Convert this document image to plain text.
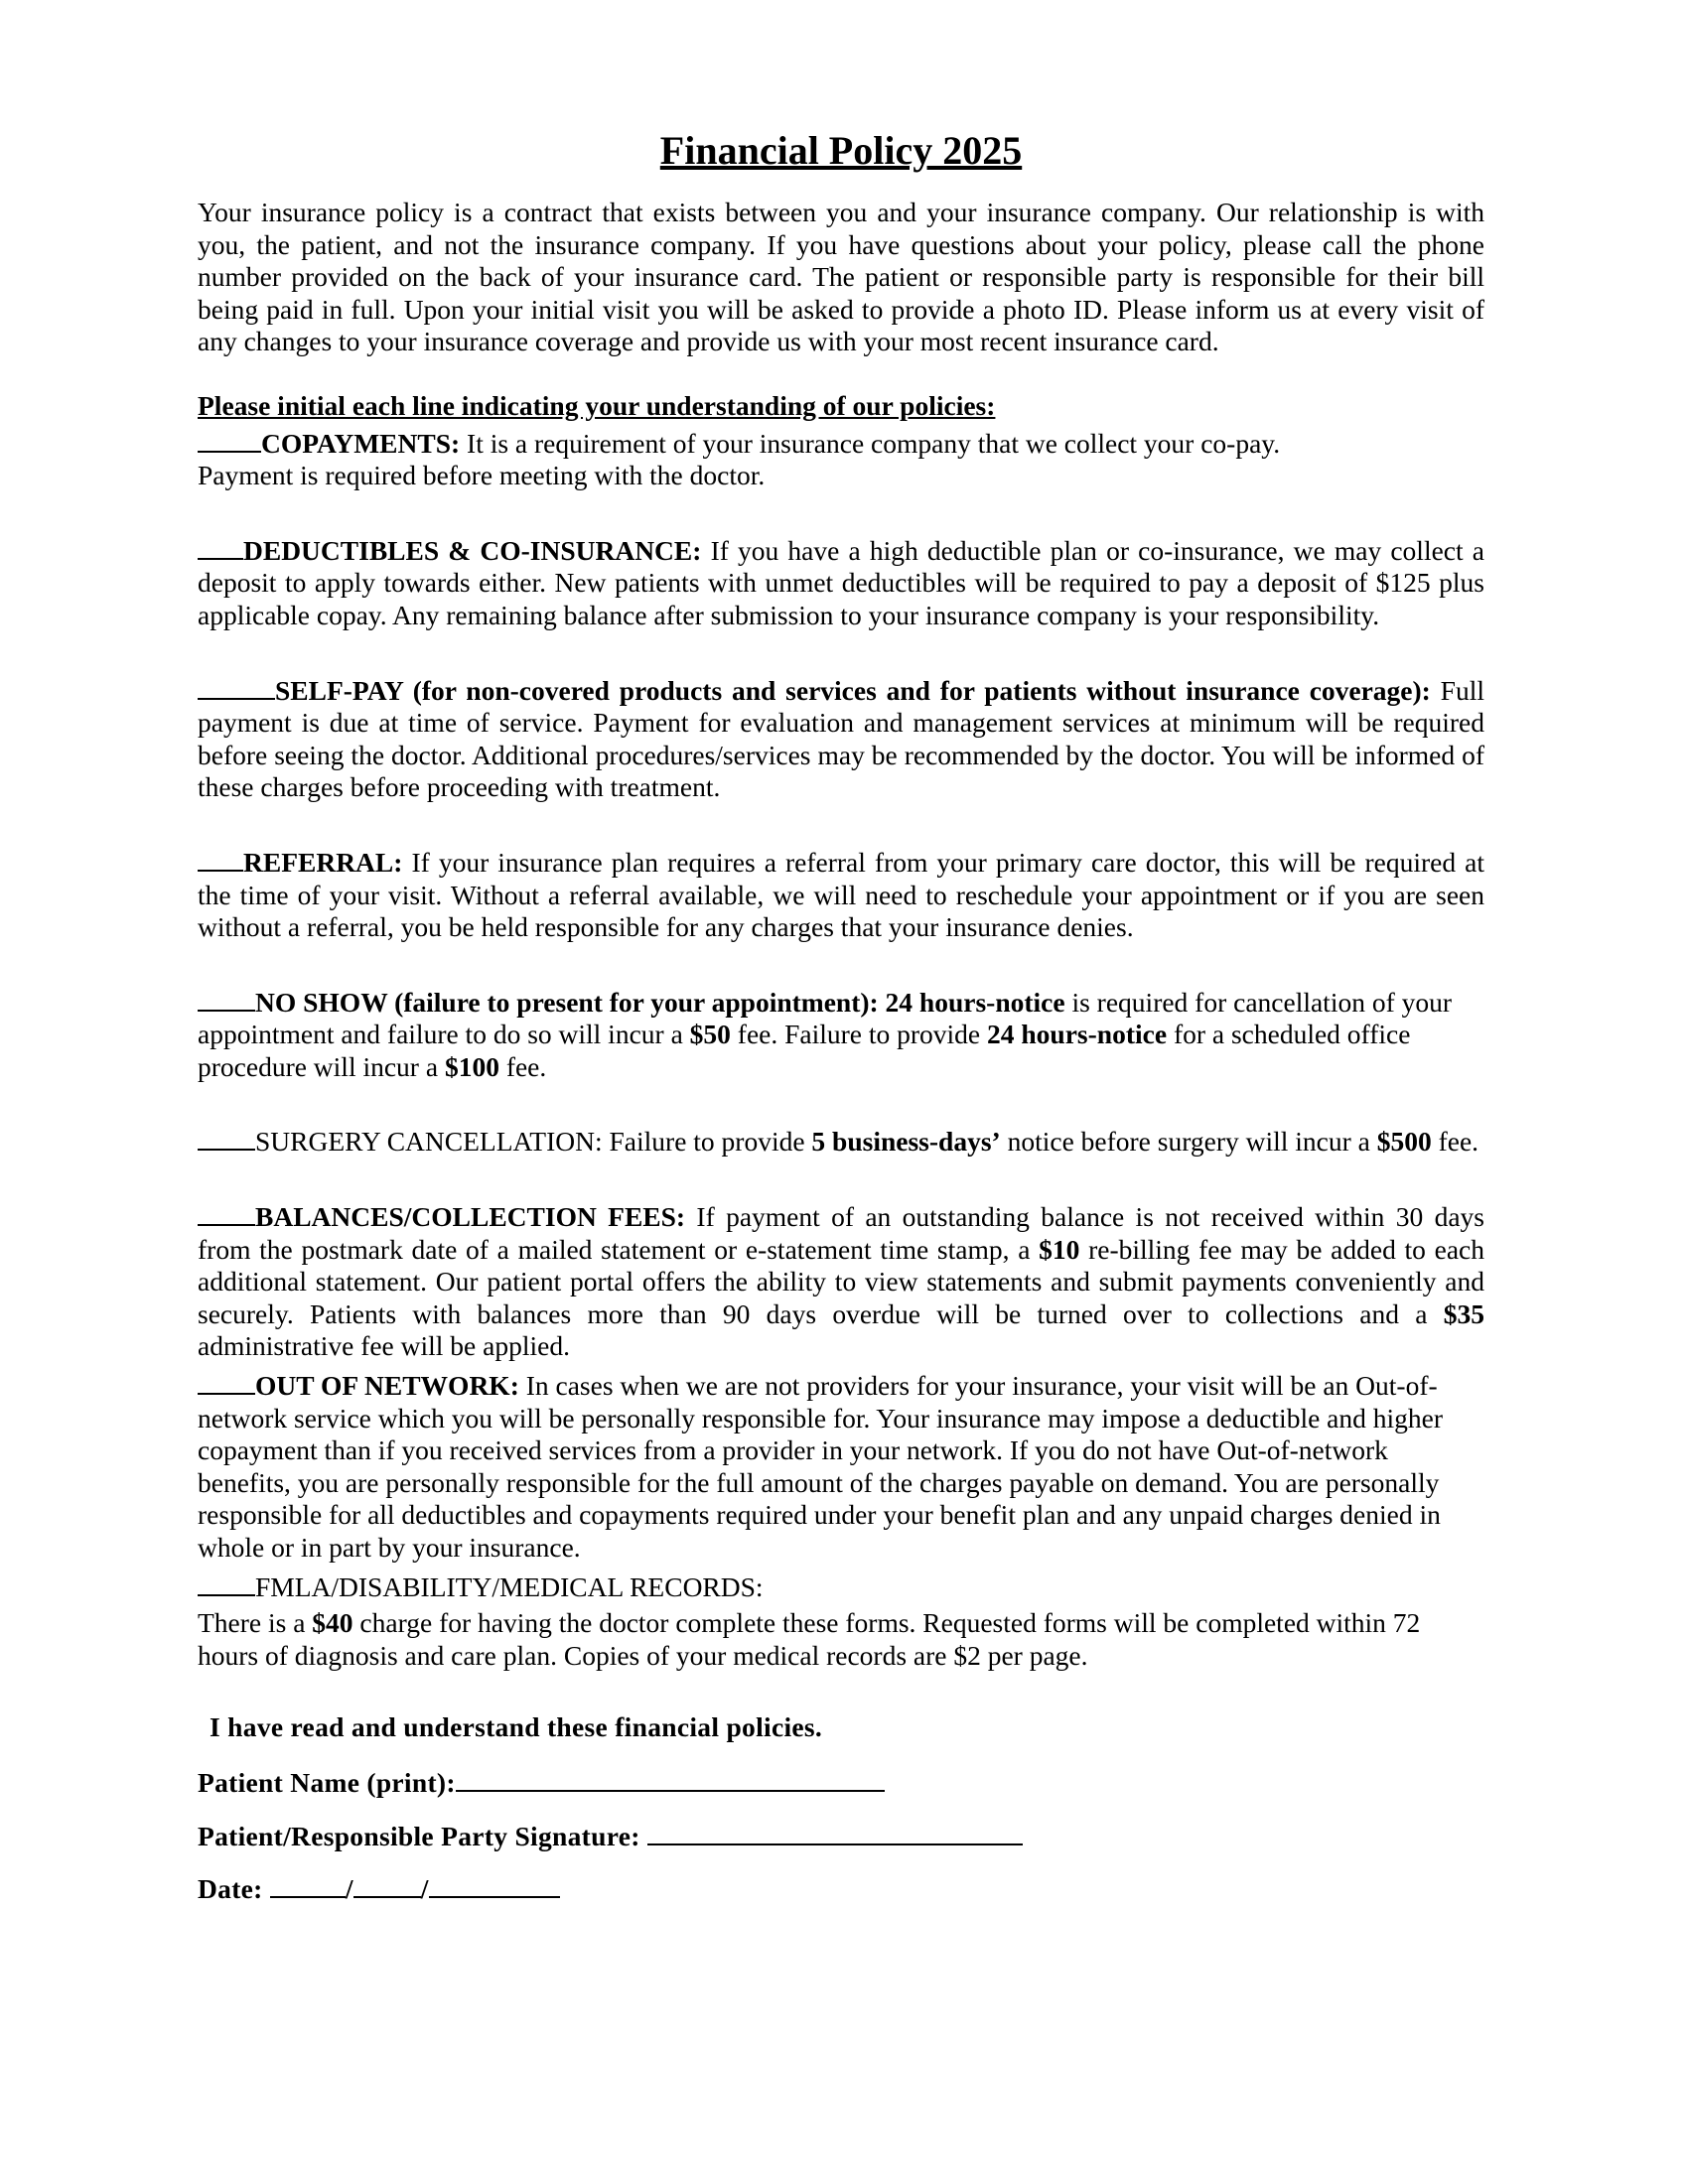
Financial Policy 2025

Your insurance policy is a contract that exists between you and your insurance company. Our relationship is with you, the patient, and not the insurance company. If you have questions about your policy, please call the phone number provided on the back of your insurance card. The patient or responsible party is responsible for their bill being paid in full. Upon your initial visit you will be asked to provide a photo ID. Please inform us at every visit of any changes to your insurance coverage and provide us with your most recent insurance card.

Please initial each line indicating your understanding of our policies:

COPAYMENTS: It is a requirement of your insurance company that we collect your co-pay.
Payment is required before meeting with the doctor.

DEDUCTIBLES & CO-INSURANCE: If you have a high deductible plan or co-insurance, we may collect a deposit to apply towards either. New patients with unmet deductibles will be required to pay a deposit of $125 plus applicable copay. Any remaining balance after submission to your insurance company is your responsibility.

SELF-PAY (for non-covered products and services and for patients without insurance coverage): Full payment is due at time of service. Payment for evaluation and management services at minimum will be required before seeing the doctor. Additional procedures/services may be recommended by the doctor. You will be informed of these charges before proceeding with treatment.

REFERRAL: If your insurance plan requires a referral from your primary care doctor, this will be required at the time of your visit. Without a referral available, we will need to reschedule your appointment or if you are seen without a referral, you be held responsible for any charges that your insurance denies.

NO SHOW (failure to present for your appointment): 24 hours-notice is required for cancellation of your appointment and failure to do so will incur a $50 fee. Failure to provide 24 hours-notice for a scheduled office procedure will incur a $100 fee.

SURGERY CANCELLATION: Failure to provide 5 business-days’ notice before surgery will incur a $500 fee.

BALANCES/COLLECTION FEES: If payment of an outstanding balance is not received within 30 days from the postmark date of a mailed statement or e-statement time stamp, a $10 re-billing fee may be added to each additional statement. Our patient portal offers the ability to view statements and submit payments conveniently and securely. Patients with balances more than 90 days overdue will be turned over to collections and a $35 administrative fee will be applied.

OUT OF NETWORK: In cases when we are not providers for your insurance, your visit will be an Out-of-network service which you will be personally responsible for. Your insurance may impose a deductible and higher copayment than if you received services from a provider in your network. If you do not have Out-of-network benefits, you are personally responsible for the full amount of the charges payable on demand. You are personally responsible for all deductibles and copayments required under your benefit plan and any unpaid charges denied in whole or in part by your insurance.

FMLA/DISABILITY/MEDICAL RECORDS:

There is a $40 charge for having the doctor complete these forms. Requested forms will be completed within 72 hours of diagnosis and care plan. Copies of your medical records are $2 per page.

I have read and understand these financial policies.

Patient Name (print):

Patient/Responsible Party Signature:

Date:	/ /
